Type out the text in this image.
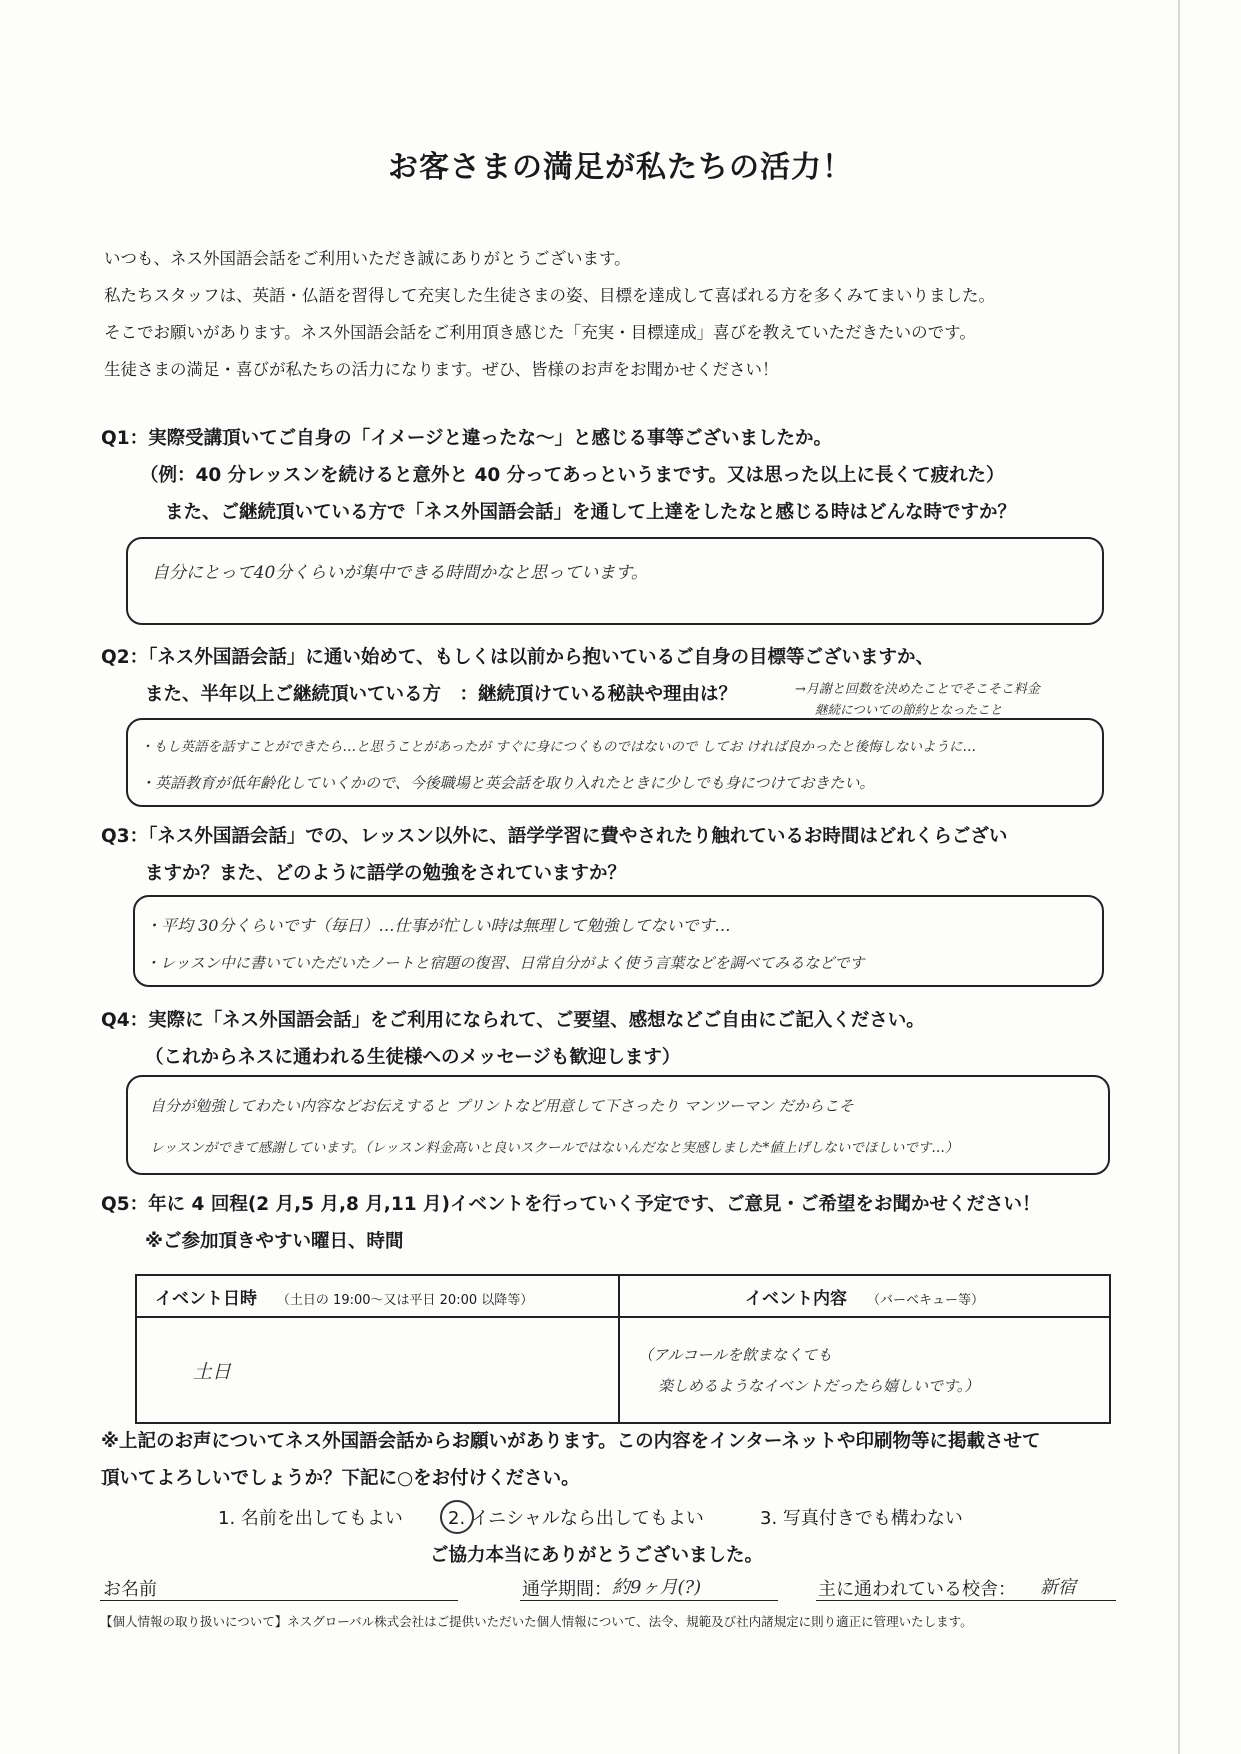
お客さまの満足が私たちの活力！
いつも、ネス外国語会話をご利用いただき誠にありがとうございます。
私たちスタッフは、英語・仏語を習得して充実した生徒さまの姿、目標を達成して喜ばれる方を多くみてまいりました。
そこでお願いがあります。ネス外国語会話をご利用頂き感じた「充実・目標達成」喜びを教えていただきたいのです。
生徒さまの満足・喜びが私たちの活力になります。ぜひ、皆様のお声をお聞かせください！
Q1：実際受講頂いてご自身の「イメージと違ったな～」と感じる事等ございましたか。
（例：40 分レッスンを続けると意外と 40 分ってあっというまです。又は思った以上に長くて疲れた）
また、ご継続頂いている方で「ネス外国語会話」を通して上達をしたなと感じる時はどんな時ですか？
自分にとって40分くらいが集中できる時間かなと思っています。
Q2：「ネス外国語会話」に通い始めて、もしくは以前から抱いているご自身の目標等ございますか、
また、半年以上ご継続頂いている方　：継続頂けている秘訣や理由は？	→月謝と回数を決めたことでそこそこ料金
継続についての節約となったこと
・もし英語を話すことができたら…と思うことがあったが すぐに身につくものではないので してお ければ良かったと後悔しないように…
・英語教育が低年齢化していくかので、今後職場と英会話を取り入れたときに少しでも身につけておきたい。
Q3：「ネス外国語会話」での、レッスン以外に、語学学習に費やされたり触れているお時間はどれくらござい
ますか？また、どのように語学の勉強をされていますか？
・平均 30分くらいです（毎日）…仕事が忙しい時は無理して勉強してないです…
・レッスン中に書いていただいたノートと宿題の復習、日常自分がよく使う言葉などを調べてみるなどです
Q4：実際に「ネス外国語会話」をご利用になられて、ご要望、感想などご自由にご記入ください。
（これからネスに通われる生徒様へのメッセージも歓迎します）
自分が勉強してわたい内容などお伝えすると プリントなど用意して下さったり マンツーマン だからこそ
レッスンができて感謝しています。（レッスン料金高いと良いスクールではないんだなと実感しました*値上げしないでほしいです…）
Q5：年に 4 回程(2 月,5 月,8 月,11 月)イベントを行っていく予定です、ご意見・ご希望をお聞かせください！
※ご参加頂きやすい曜日、時間
イベント日時 （土日の 19:00～又は平日 20:00 以降等）	イベント内容 （バーベキュー等）
土日	（アルコールを飲まなくても
楽しめるようなイベントだったら嬉しいです。）
※上記のお声についてネス外国語会話からお願いがあります。この内容をインターネットや印刷物等に掲載させて
頂いてよろしいでしょうか？下記に○をお付けください。
1. 名前を出してもよい	2. イニシャルなら出してもよい	3. 写真付きでも構わない
ご協力本当にありがとうございました。
お名前	通学期間： 約9ヶ月(?)	主に通われている校舎： 新宿
【個人情報の取り扱いについて】ネスグローバル株式会社はご提供いただいた個人情報について、法令、規範及び社内諸規定に則り適正に管理いたします。
